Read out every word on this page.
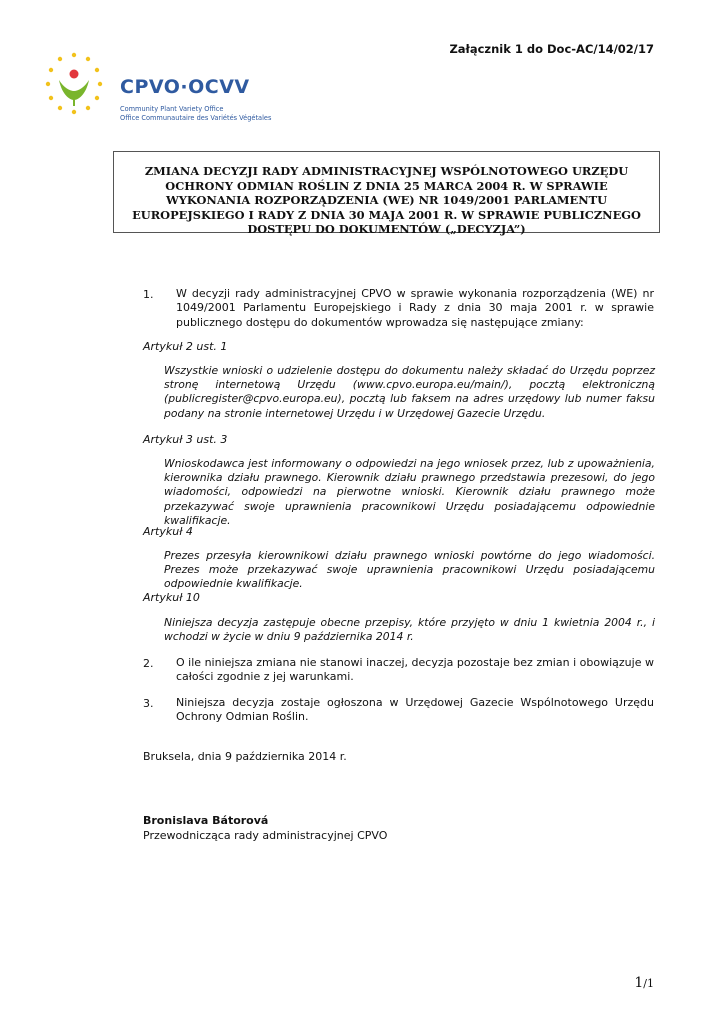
Załącznik 1 do Doc-AC/14/02/17
CPVO·OCVV
Community Plant Variety Office
Office Communautaire des Variétés Végétales
ZMIANA DECYZJI RADY ADMINISTRACYJNEJ WSPÓLNOTOWEGO URZĘDU OCHRONY ODMIAN ROŚLIN Z DNIA 25 MARCA 2004 R. W SPRAWIE WYKONANIA ROZPORZĄDZENIA (WE) NR 1049/2001 PARLAMENTU EUROPEJSKIEGO I RADY Z DNIA 30 MAJA 2001 R. W SPRAWIE PUBLICZNEGO DOSTĘPU DO DOKUMENTÓW („DECYZJA”)
1. W decyzji rady administracyjnej CPVO w sprawie wykonania rozporządzenia (WE) nr 1049/2001 Parlamentu Europejskiego i Rady z dnia 30 maja 2001 r. w sprawie publicznego dostępu do dokumentów wprowadza się następujące zmiany:
Artykuł 2 ust. 1
Wszystkie wnioski o udzielenie dostępu do dokumentu należy składać do Urzędu poprzez stronę internetową Urzędu (www.cpvo.europa.eu/main/), pocztą elektroniczną (publicregister@cpvo.europa.eu), pocztą lub faksem na adres urzędowy lub numer faksu podany na stronie internetowej Urzędu i w Urzędowej Gazecie Urzędu.
Artykuł 3 ust. 3
Wnioskodawca jest informowany o odpowiedzi na jego wniosek przez, lub z upoważnienia, kierownika działu prawnego. Kierownik działu prawnego przedstawia prezesowi, do jego wiadomości, odpowiedzi na pierwotne wnioski. Kierownik działu prawnego może przekazywać swoje uprawnienia pracownikowi Urzędu posiadającemu odpowiednie kwalifikacje.
Artykuł 4
Prezes przesyła kierownikowi działu prawnego wnioski powtórne do jego wiadomości. Prezes może przekazywać swoje uprawnienia pracownikowi Urzędu posiadającemu odpowiednie kwalifikacje.
Artykuł 10
Niniejsza decyzja zastępuje obecne przepisy, które przyjęto w dniu 1 kwietnia 2004 r., i wchodzi w życie w dniu 9 października 2014 r.
2. O ile niniejsza zmiana nie stanowi inaczej, decyzja pozostaje bez zmian i obowiązuje w całości zgodnie z jej warunkami.
3. Niniejsza decyzja zostaje ogłoszona w Urzędowej Gazecie Wspólnotowego Urzędu Ochrony Odmian Roślin.
Bruksela, dnia 9 października 2014 r.
Bronislava Bátorová
Przewodnicząca rady administracyjnej CPVO
1/1
